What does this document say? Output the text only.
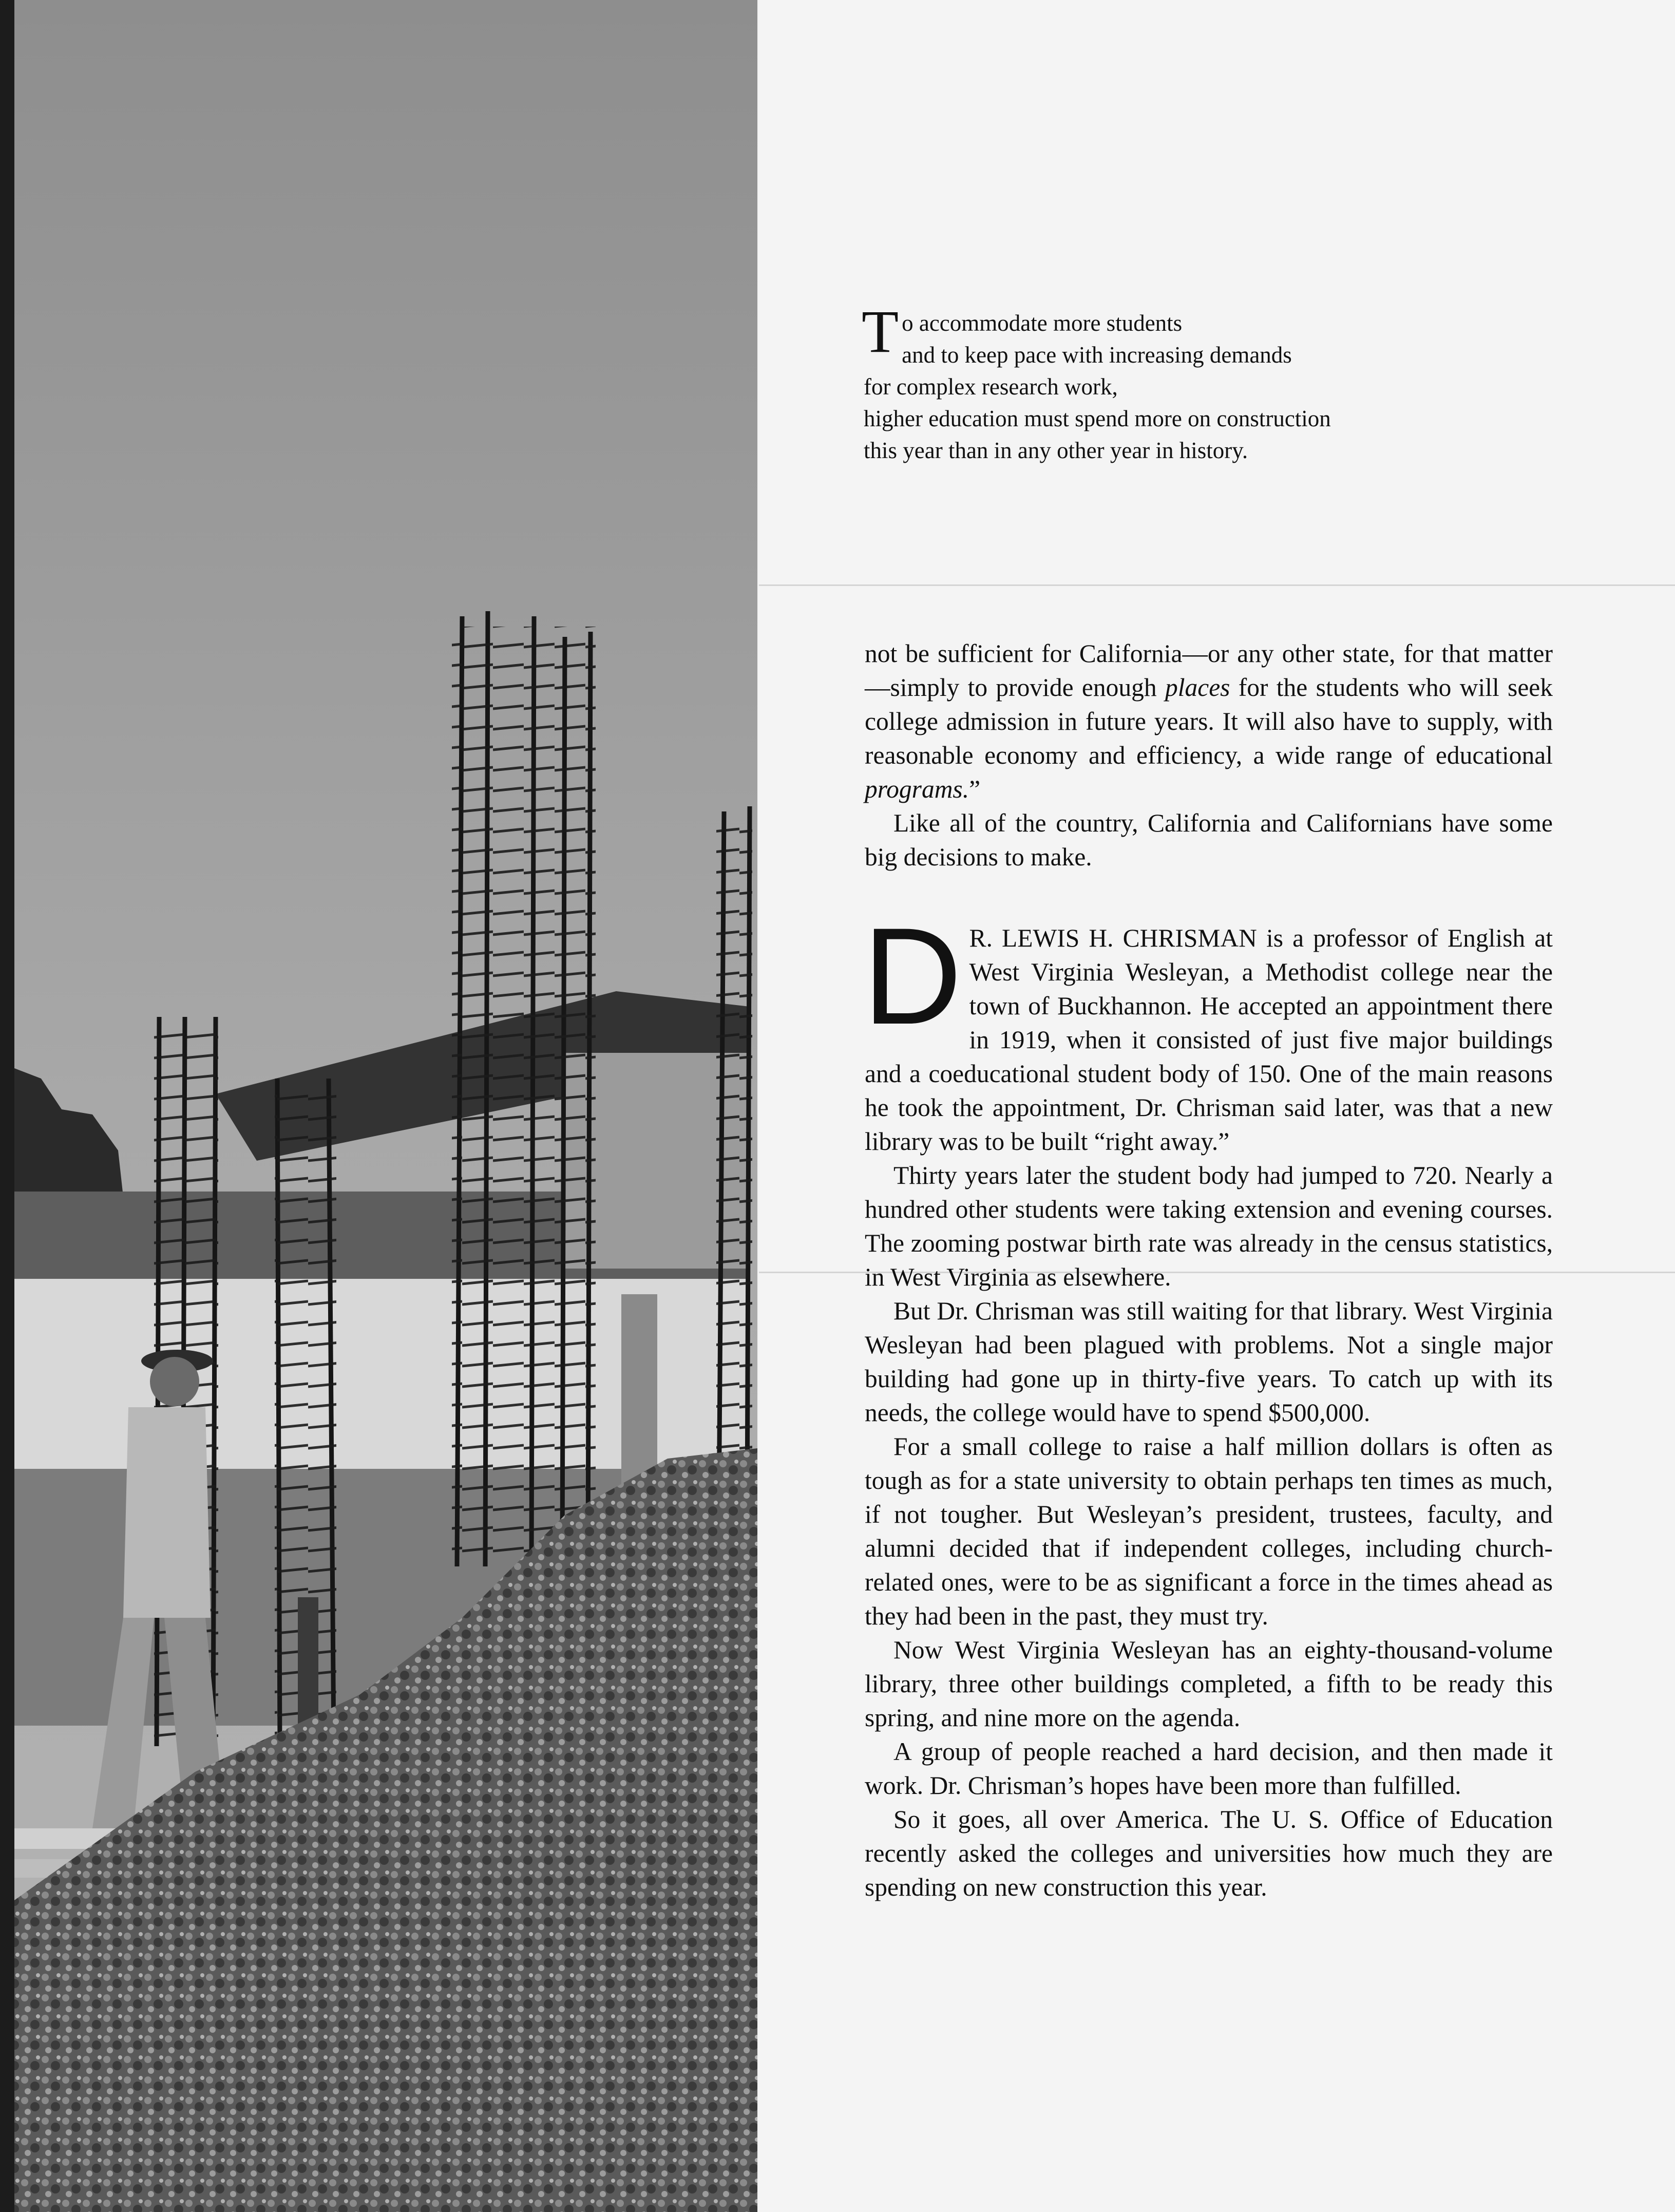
T o accommodate more students
and to keep pace with increasing demands
for complex research work,
higher education must spend more on construction
this year than in any other year in history.

not be sufficient for California—or any other state, for that matter—simply to provide enough places for the students who will seek college admission in future years. It will also have to supply, with reasonable economy and efficiency, a wide range of educational programs.”

Like all of the country, California and Californians have some big decisions to make.

D R. LEWIS H. CHRISMAN is a professor of English at West Virginia Wesleyan, a Methodist college near the town of Buckhannon. He accepted an appointment there in 1919, when it consisted of just five major buildings and a coeducational student body of 150. One of the main reasons he took the appointment, Dr. Chrisman said later, was that a new library was to be built “right away.”

Thirty years later the student body had jumped to 720. Nearly a hundred other students were taking extension and evening courses. The zooming postwar birth rate was already in the census statistics, in West Virginia as elsewhere.

But Dr. Chrisman was still waiting for that library. West Virginia Wesleyan had been plagued with problems. Not a single major building had gone up in thirty-five years. To catch up with its needs, the college would have to spend $500,000.

For a small college to raise a half million dollars is often as tough as for a state university to obtain perhaps ten times as much, if not tougher. But Wesleyan’s president, trustees, faculty, and alumni decided that if independent colleges, including church-related ones, were to be as significant a force in the times ahead as they had been in the past, they must try.

Now West Virginia Wesleyan has an eighty-thousand-volume library, three other buildings completed, a fifth to be ready this spring, and nine more on the agenda.

A group of people reached a hard decision, and then made it work. Dr. Chrisman’s hopes have been more than fulfilled.

So it goes, all over America. The U. S. Office of Education recently asked the colleges and universities how much they are spending on new construction this year.
